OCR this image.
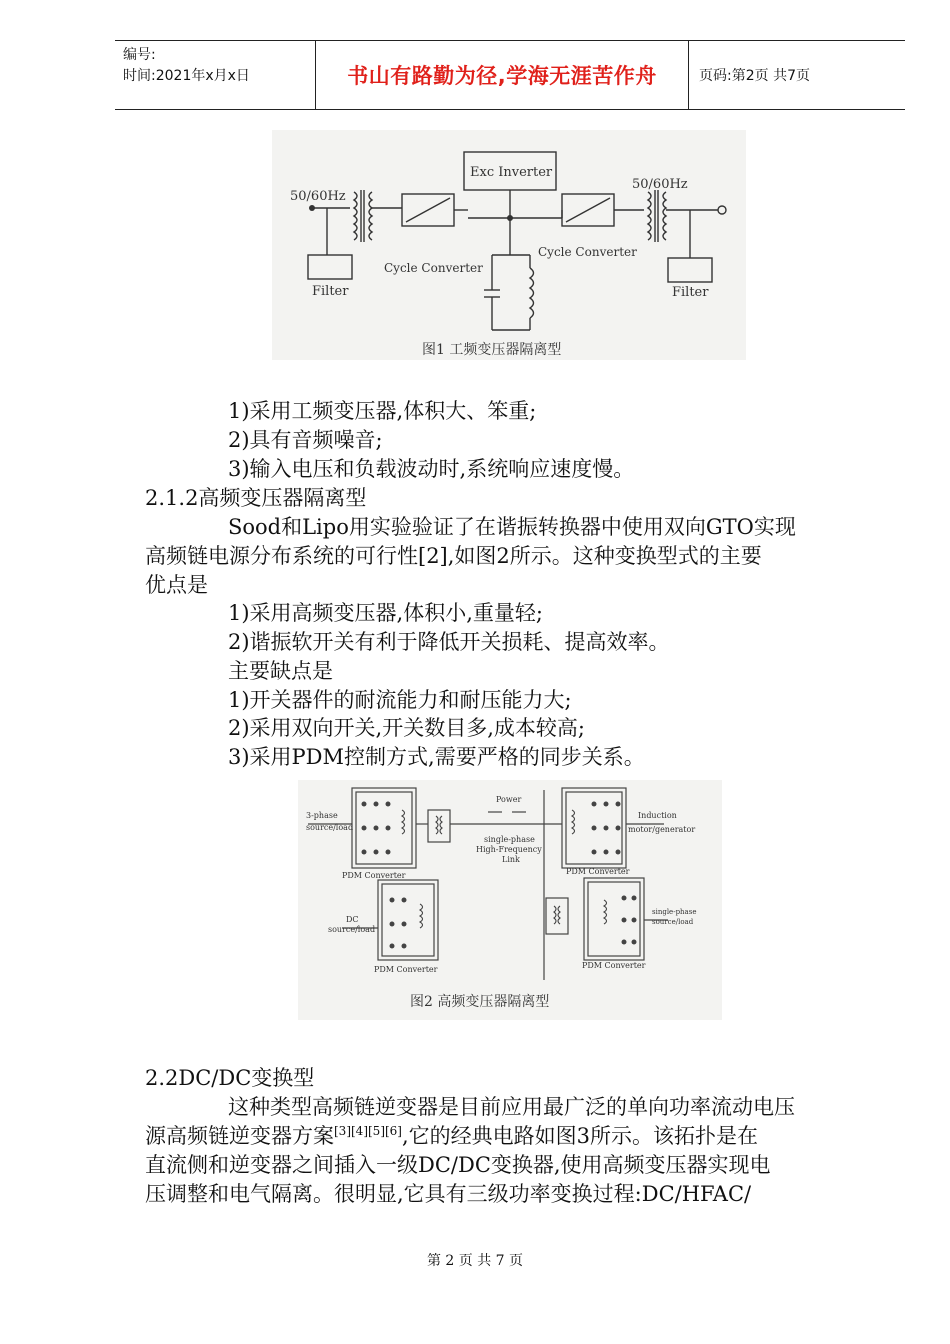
编号:
时间:2021年x月x日	书山有路勤为径,学海无涯苦作舟	页码:第2页 共7页
50/60Hz
50/60Hz
Exc Inverter
Cycle Converter
Cycle Converter
Filter	Filter
图1 工频变压器隔离型
1)采用工频变压器,体积大、笨重;
2)具有音频噪音;
3)输入电压和负载波动时,系统响应速度慢。
2.1.2高频变压器隔离型
Sood和Lipo用实验验证了在谐振转换器中使用双向GTO实现
高频链电源分布系统的可行性[2],如图2所示。这种变换型式的主要
优点是
1)采用高频变压器,体积小,重量轻;
2)谐振软开关有利于降低开关损耗、提高效率。
主要缺点是
1)开关器件的耐流能力和耐压能力大;
2)采用双向开关,开关数目多,成本较高;
3)采用PDM控制方式,需要严格的同步关系。
3-phase
source/load
Power
single-phase
High-Frequency
Link
Induction
motor/generator
PDM Converter	PDM Converter
DC
source/load
PDM Converter	PDM Converter
single-phase
source/load
图2 高频变压器隔离型
2.2DC/DC变换型
这种类型高频链逆变器是目前应用最广泛的单向功率流动电压
源高频链逆变器方案[3][4][5][6],它的经典电路如图3所示。该拓扑是在
直流侧和逆变器之间插入一级DC/DC变换器,使用高频变压器实现电
压调整和电气隔离。很明显,它具有三级功率变换过程:DC/HFAC/
第 2 页 共 7 页
